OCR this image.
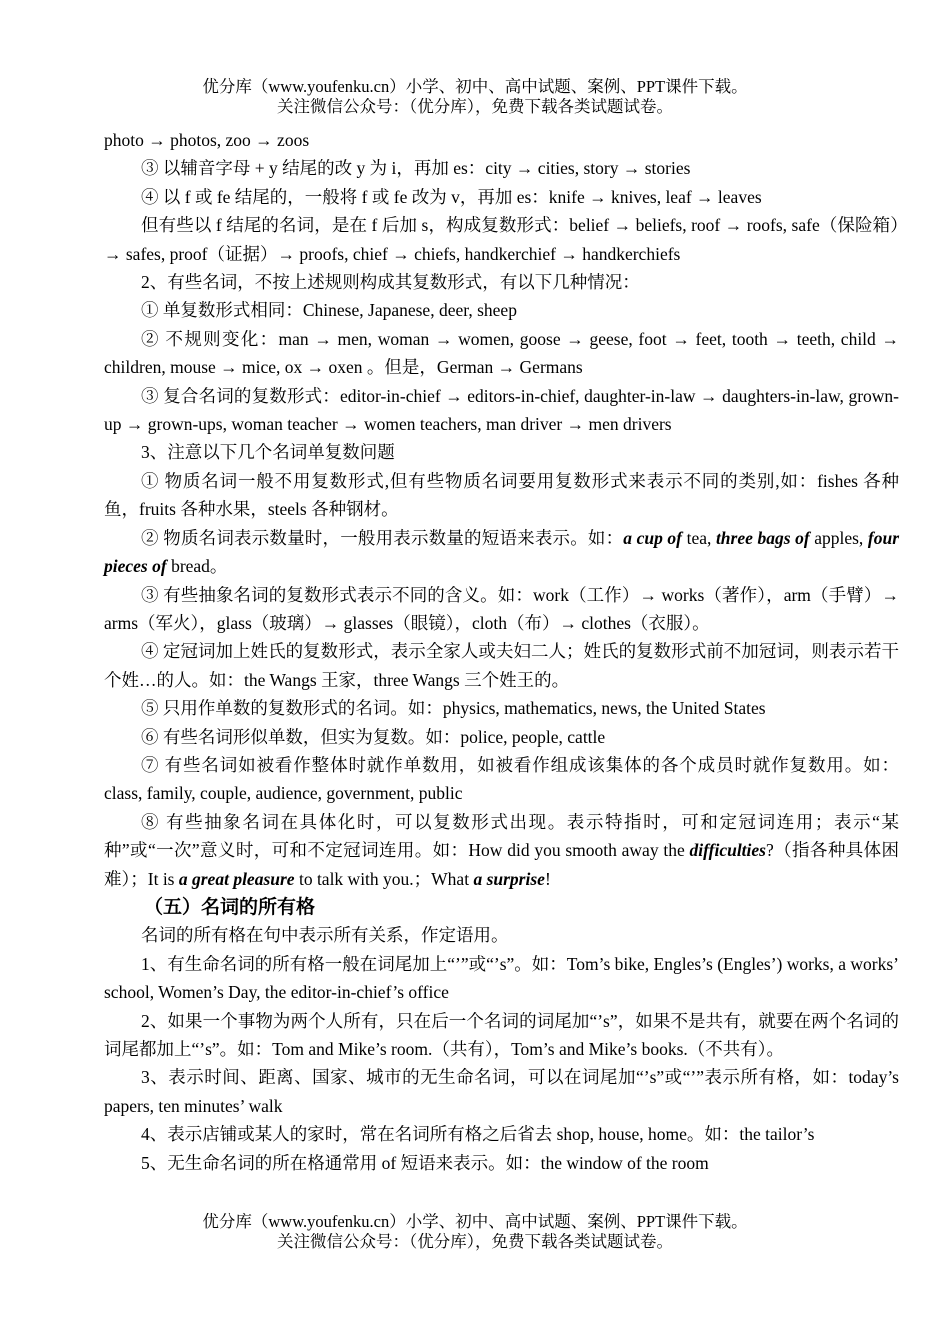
优分库（www.youfenku.cn）小学、初中、高中试题、案例、PPT课件下载。
关注微信公众号：（优分库），免费下载各类试题试卷。

photo → photos, zoo → zoos

③ 以辅音字母 + y 结尾的改 y 为 i，再加 es：city → cities, story → stories

④ 以 f 或 fe 结尾的，一般将 f 或 fe 改为 v，再加 es：knife → knives, leaf → leaves

但有些以 f 结尾的名词，是在 f 后加 s，构成复数形式：belief → beliefs, roof → roofs, safe（保险箱）→ safes, proof（证据）→ proofs, chief → chiefs, handkerchief → handkerchiefs

2、有些名词，不按上述规则构成其复数形式，有以下几种情况：

① 单复数形式相同：Chinese, Japanese, deer, sheep

② 不规则变化：man → men, woman → women, goose → geese, foot → feet, tooth → teeth, child → children, mouse → mice, ox → oxen 。但是，German → Germans

③ 复合名词的复数形式：editor-in-chief → editors-in-chief, daughter-in-law → daughters-in-law, grown-up → grown-ups, woman teacher → women teachers, man driver → men drivers

3、注意以下几个名词单复数问题

① 物质名词一般不用复数形式,但有些物质名词要用复数形式来表示不同的类别,如：fishes 各种鱼，fruits 各种水果，steels 各种钢材。

② 物质名词表示数量时，一般用表示数量的短语来表示。如：a cup of tea, three bags of apples, four pieces of bread。

③ 有些抽象名词的复数形式表示不同的含义。如：work（工作）→ works（著作），arm（手臂）→ arms（军火），glass（玻璃）→ glasses（眼镜），cloth（布）→ clothes（衣服）。

④ 定冠词加上姓氏的复数形式，表示全家人或夫妇二人；姓氏的复数形式前不加冠词，则表示若干个姓…的人。如：the Wangs 王家，three Wangs 三个姓王的。

⑤ 只用作单数的复数形式的名词。如：physics, mathematics, news, the United States

⑥ 有些名词形似单数，但实为复数。如：police, people, cattle

⑦ 有些名词如被看作整体时就作单数用，如被看作组成该集体的各个成员时就作复数用。如：class, family, couple, audience, government, public

⑧ 有些抽象名词在具体化时，可以复数形式出现。表示特指时，可和定冠词连用；表示“某种”或“一次”意义时，可和不定冠词连用。如：How did you smooth away the difficulties?（指各种具体困难）；It is a great pleasure to talk with you.；What a surprise!

（五）名词的所有格

名词的所有格在句中表示所有关系，作定语用。

1、有生命名词的所有格一般在词尾加上“’”或“’s”。如：Tom’s bike, Engles’s (Engles’) works, a works’ school, Women’s Day, the editor-in-chief’s office

2、如果一个事物为两个人所有，只在后一个名词的词尾加“’s”，如果不是共有，就要在两个名词的词尾都加上“’s”。如：Tom and Mike’s room.（共有），Tom’s and Mike’s books.（不共有）。

3、表示时间、距离、国家、城市的无生命名词，可以在词尾加“’s”或“’”表示所有格，如：today’s papers, ten minutes’ walk

4、表示店铺或某人的家时，常在名词所有格之后省去 shop, house, home。如：the tailor’s

5、无生命名词的所在格通常用 of 短语来表示。如：the window of the room

优分库（www.youfenku.cn）小学、初中、高中试题、案例、PPT课件下载。
关注微信公众号：（优分库），免费下载各类试题试卷。
